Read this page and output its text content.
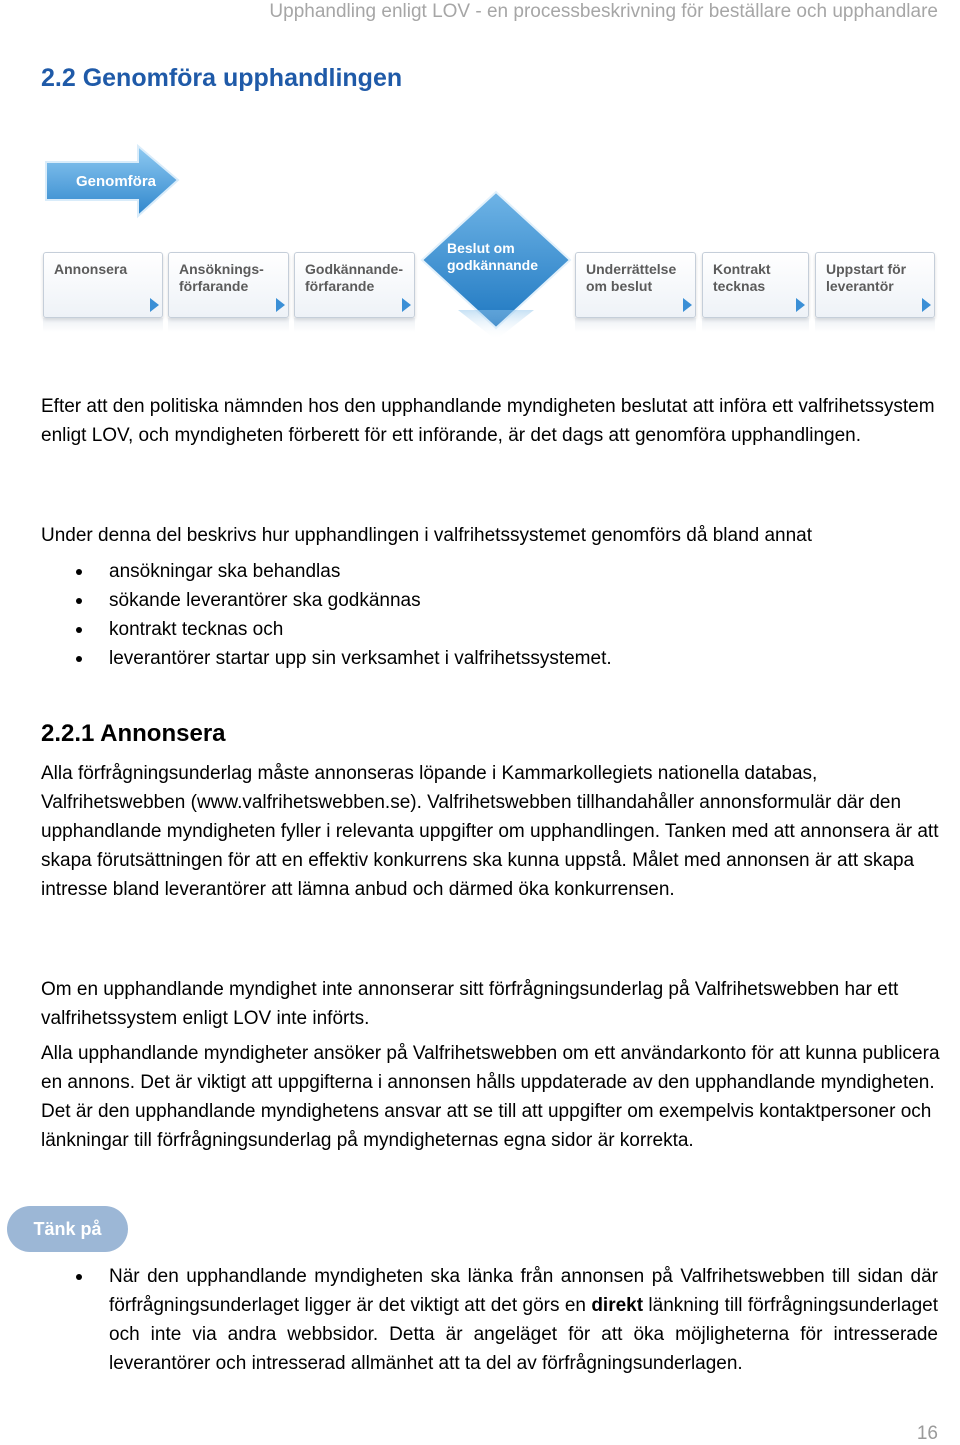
Upphandling enligt LOV - en processbeskrivning för beställare och upphandlare
2.2 Genomföra upphandlingen
Genomföra
Beslut om godkännande
Annonsera	Ansöknings-förfarande
Godkännande-förfarande
Underrättelse om beslut
Kontrakt tecknas
Uppstart för leverantör

Efter att den politiska nämnden hos den upphandlande myndigheten beslutat att införa ett valfrihetssystem enligt LOV, och myndigheten förberett för ett införande, är det dags att genomföra upphandlingen.

Under denna del beskrivs hur upphandlingen i valfrihetssystemet genomförs då bland annat

ansökningar ska behandlas
sökande leverantörer ska godkännas
kontrakt tecknas och
leverantörer startar upp sin verksamhet i valfrihetssystemet.
2.2.1 Annonsera

Alla förfrågningsunderlag måste annonseras löpande i Kammarkollegiets nationella databas, Valfrihetswebben (www.valfrihetswebben.se). Valfrihetswebben tillhandahåller annonsformulär där den upphandlande myndigheten fyller i relevanta uppgifter om upphandlingen. Tanken med att annonsera är att skapa förutsättningen för att en effektiv konkurrens ska kunna uppstå. Målet med annonsen är att skapa intresse bland leverantörer att lämna anbud och därmed öka konkurrensen.

Om en upphandlande myndighet inte annonserar sitt förfrågningsunderlag på Valfrihetswebben har ett valfrihetssystem enligt LOV inte införts.

Alla upphandlande myndigheter ansöker på Valfrihetswebben om ett användarkonto för att kunna publicera en annons. Det är viktigt att uppgifterna i annonsen hålls uppdaterade av den upphandlande myndigheten. Det är den upphandlande myndighetens ansvar att se till att uppgifter om exempelvis kontaktpersoner och länkningar till förfrågningsunderlag på myndigheternas egna sidor är korrekta.

Tänk på
När den upphandlande myndigheten ska länka från annonsen på Valfrihetswebben till sidan där förfrågningsunderlaget ligger är det viktigt att det görs en direkt länkning till förfrågningsunderlaget och inte via andra webbsidor. Detta är angeläget för att öka möjligheterna för intresserade leverantörer och intresserad allmänhet att ta del av förfrågningsunderlagen.
16
